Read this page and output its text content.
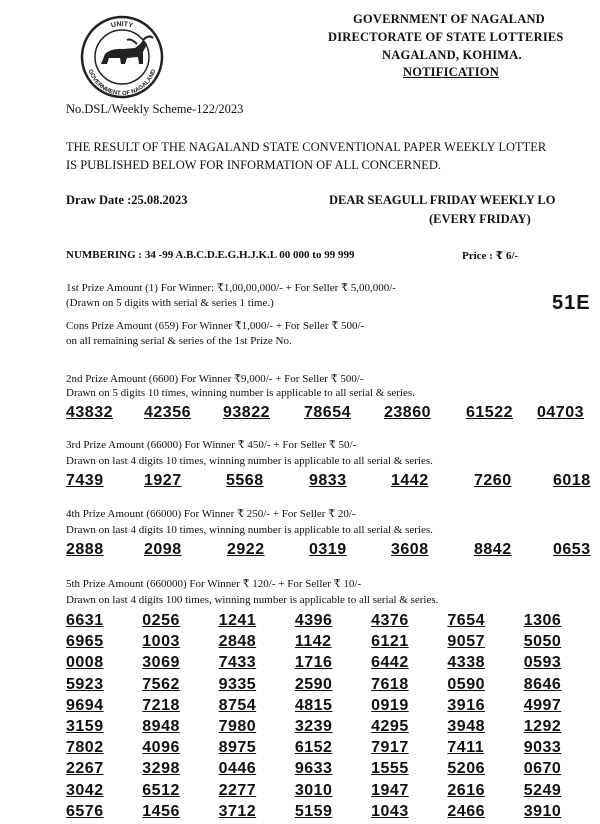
UNITY
GOVERNMENT OF NAGALAND
GOVERNMENT OF NAGALAND
DIRECTORATE OF STATE LOTTERIES
NAGALAND, KOHIMA.
NOTIFICATION
No.DSL/Weekly Scheme-122/2023
THE RESULT OF THE NAGALAND STATE CONVENTIONAL PAPER WEEKLY LOTTER
IS PUBLISHED BELOW FOR INFORMATION OF ALL CONCERNED.
Draw Date :25.08.2023	DEAR SEAGULL FRIDAY WEEKLY LO
(EVERY FRIDAY)
NUMBERING : 34 -99 A.B.C.D.E.G.H.J.K.L 00 000 to 99 999	Price : ₹ 6/-
1st Prize Amount (1) For Winner: ₹1,00,00,000/- + For Seller ₹ 5,00,000/-
(Drawn on 5 digits with serial & series 1 time.)	51E
Cons Prize Amount (659) For Winner ₹1,000/- + For Seller ₹ 500/-
on all remaining serial & series of the 1st Prize No.
2nd Prize Amount (6600) For Winner ₹9,000/- + For Seller ₹ 500/-
Drawn on 5 digits 10 times, winning number is applicable to all serial & series.
43832	42356	93822	78654	23860	61522	04703
3rd Prize Amount (66000) For Winner ₹ 450/- + For Seller ₹ 50/-
Drawn on last 4 digits 10 times, winning number is applicable to all serial & series.
7439	1927	5568	9833	1442	7260	6018
4th Prize Amount (66000) For Winner ₹ 250/- + For Seller ₹ 20/-
Drawn on last 4 digits 10 times, winning number is applicable to all serial & series.
2888	2098	2922	0319	3608	8842	0653
5th Prize Amount (660000) For Winner ₹ 120/- + For Seller ₹ 10/-
Drawn on last 4 digits 100 times, winning number is applicable to all serial & series.
6631	0256	1241	4396	4376	7654	1306
6965	1003	2848	1142	6121	9057	5050
0008	3069	7433	1716	6442	4338	0593
5923	7562	9335	2590	7618	0590	8646
9694	7218	8754	4815	0919	3916	4997
3159	8948	7980	3239	4295	3948	1292
7802	4096	8975	6152	7917	7411	9033
2267	3298	0446	9633	1555	5206	0670
3042	6512	2277	3010	1947	2616	5249
6576	1456	3712	5159	1043	2466	3910
